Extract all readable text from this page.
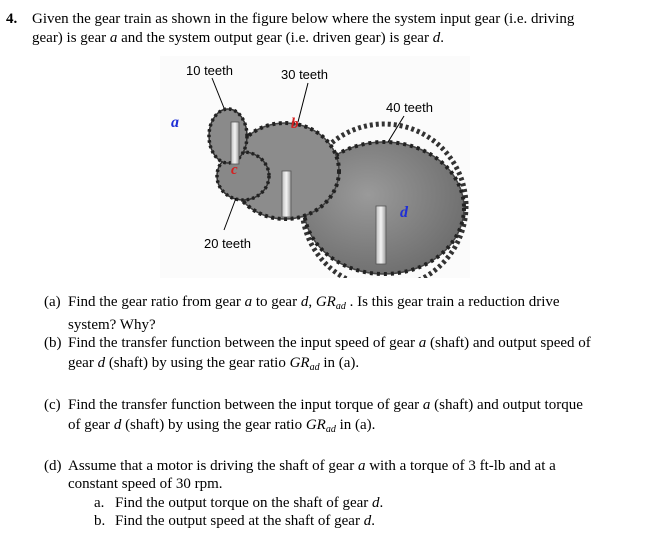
4. Given the gear train as shown in the figure below where the system input gear (i.e. driving
gear) is gear a and the system output gear (i.e. driven gear) is gear d.
10 teeth	30 teeth
40 teeth
20 teeth
a	b
c
d
(a) Find the gear ratio from gear a to gear d, $GR_{ad}$ . Is this gear train a reduction drive
system? Why?
(b) Find the transfer function between the input speed of gear a (shaft) and output speed of
gear d (shaft) by using the gear ratio $GR_{ad}$ in (a).
(c) Find the transfer function between the input torque of gear a (shaft) and output torque
of gear d (shaft) by using the gear ratio $GR_{ad}$ in (a).
(d) Assume that a motor is driving the shaft of gear a with a torque of 3 ft-lb and at a
constant speed of 30 rpm.
a. Find the output torque on the shaft of gear d.
b. Find the output speed at the shaft of gear d.
